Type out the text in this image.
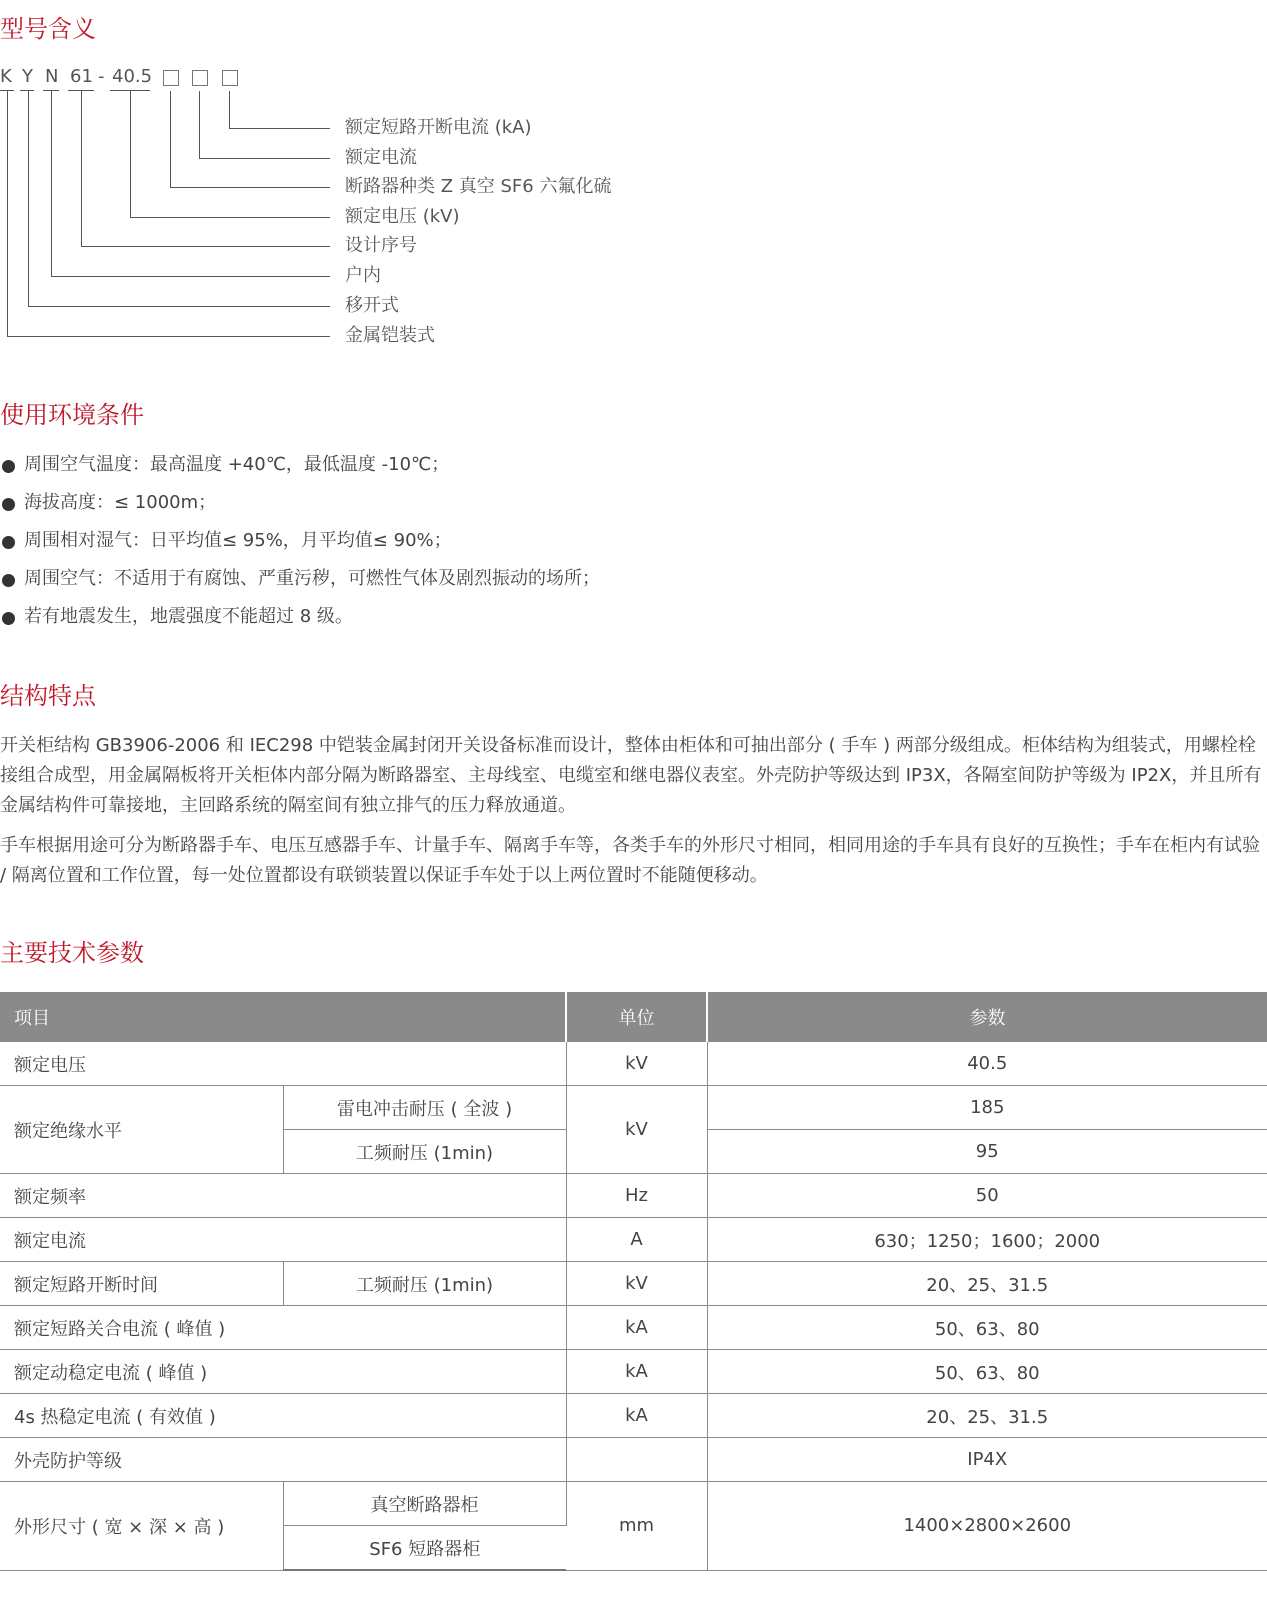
型号含义
K Y N 61 - 40.5
额定短路开断电流 (kA)
额定电流
断路器种类 Z 真空 SF6 六氟化硫
额定电压 (kV)
设计序号
户内
移开式
金属铠装式
使用环境条件
周围空气温度：最高温度 +40℃，最低温度 -10℃；
海拔高度：≤ 1000m；
周围相对湿气：日平均值≤ 95%，月平均值≤ 90%；
周围空气：不适用于有腐蚀、严重污秽，可燃性气体及剧烈振动的场所；
若有地震发生，地震强度不能超过 8 级。
结构特点

开关柜结构 GB3906-2006 和 IEC298 中铠装金属封闭开关设备标准而设计，整体由柜体和可抽出部分 ( 手车 ) 两部分级组成。柜体结构为组装式，用螺栓栓接组合成型，用金属隔板将开关柜体内部分隔为断路器室、主母线室、电缆室和继电器仪表室。外壳防护等级达到 IP3X，各隔室间防护等级为 IP2X，并且所有金属结构件可靠接地，主回路系统的隔室间有独立排气的压力释放通道。

手车根据用途可分为断路器手车、电压互感器手车、计量手车、隔离手车等，各类手车的外形尺寸相同，相同用途的手车具有良好的互换性；手车在柜内有试验 / 隔离位置和工作位置，每一处位置都设有联锁装置以保证手车处于以上两位置时不能随便移动。

主要技术参数
项目		单位	参数
额定电压		kV	40.5
额定绝缘水平	雷电冲击耐压 ( 全波 )	kV	185
	工频耐压 (1min)		95
额定频率		Hz	50
额定电流		A	630；1250；1600；2000
额定短路开断时间	工频耐压 (1min)	kV	20、25、31.5
额定短路关合电流 ( 峰值 )		kA	50、63、80
额定动稳定电流 ( 峰值 )		kA	50、63、80
4s 热稳定电流 ( 有效值 )		kA	20、25、31.5
外壳防护等级			IP4X
外形尺寸 ( 宽 × 深 × 高 )	真空断路器柜	mm	1400×2800×2600
	SF6 短路器柜		
